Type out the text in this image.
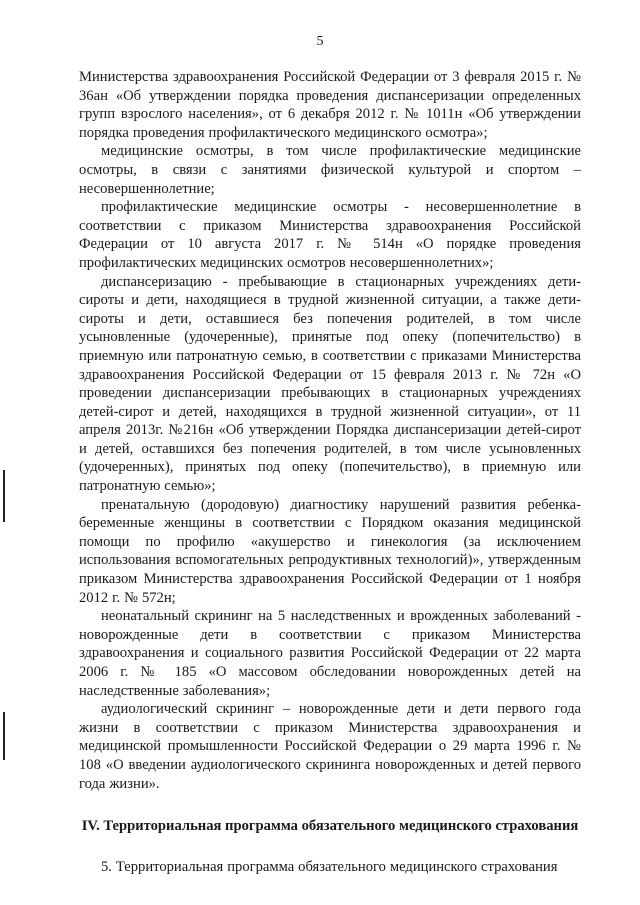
5

Министерства здравоохранения Российской Федерации от 3 февраля 2015 г. № 36ан «Об утверждении порядка проведения диспансеризации определенных групп взрослого населения», от 6 декабря 2012 г. № 1011н «Об утверждении порядка проведения профилактического медицинского осмотра»;

медицинские осмотры, в том числе профилактические медицинские осмотры, в связи с занятиями физической культурой и спортом – несовершеннолетние;

профилактические медицинские осмотры - несовершеннолетние в соответствии с приказом Министерства здравоохранения Российской Федерации от 10 августа 2017 г. № 514н «О порядке проведения профилактических медицинских осмотров несовершеннолетних»;

диспансеризацию - пребывающие в стационарных учреждениях дети-сироты и дети, находящиеся в трудной жизненной ситуации, а также дети-сироты и дети, оставшиеся без попечения родителей, в том числе усыновленные (удочеренные), принятые под опеку (попечительство) в приемную или патронатную семью, в соответствии с приказами Министерства здравоохранения Российской Федерации от 15 февраля 2013 г. № 72н «О проведении диспансеризации пребывающих в стационарных учреждениях детей-сирот и детей, находящихся в трудной жизненной ситуации», от 11 апреля 2013г. №216н «Об утверждении Порядка диспансеризации детей-сирот и детей, оставшихся без попечения родителей, в том числе усыновленных (удочеренных), принятых под опеку (попечительство), в приемную или патронатную семью»;

пренатальную (дородовую) диагностику нарушений развития ребенка-беременные женщины в соответствии с Порядком оказания медицинской помощи по профилю «акушерство и гинекология (за исключением использования вспомогательных репродуктивных технологий)», утвержденным приказом Министерства здравоохранения Российской Федерации от 1 ноября 2012 г. № 572н;

неонатальный скрининг на 5 наследственных и врожденных заболеваний - новорожденные дети в соответствии с приказом Министерства здравоохранения и социального развития Российской Федерации от 22 марта 2006 г. № 185 «О массовом обследовании новорожденных детей на наследственные заболевания»;

аудиологический скрининг – новорожденные дети и дети первого года жизни в соответствии с приказом Министерства здравоохранения и медицинской промышленности Российской Федерации о 29 марта 1996 г. № 108 «О введении аудиологического скрининга новорожденных и детей первого года жизни».

IV. Территориальная программа обязательного медицинского страхования

5. Территориальная программа обязательного медицинского страхования
